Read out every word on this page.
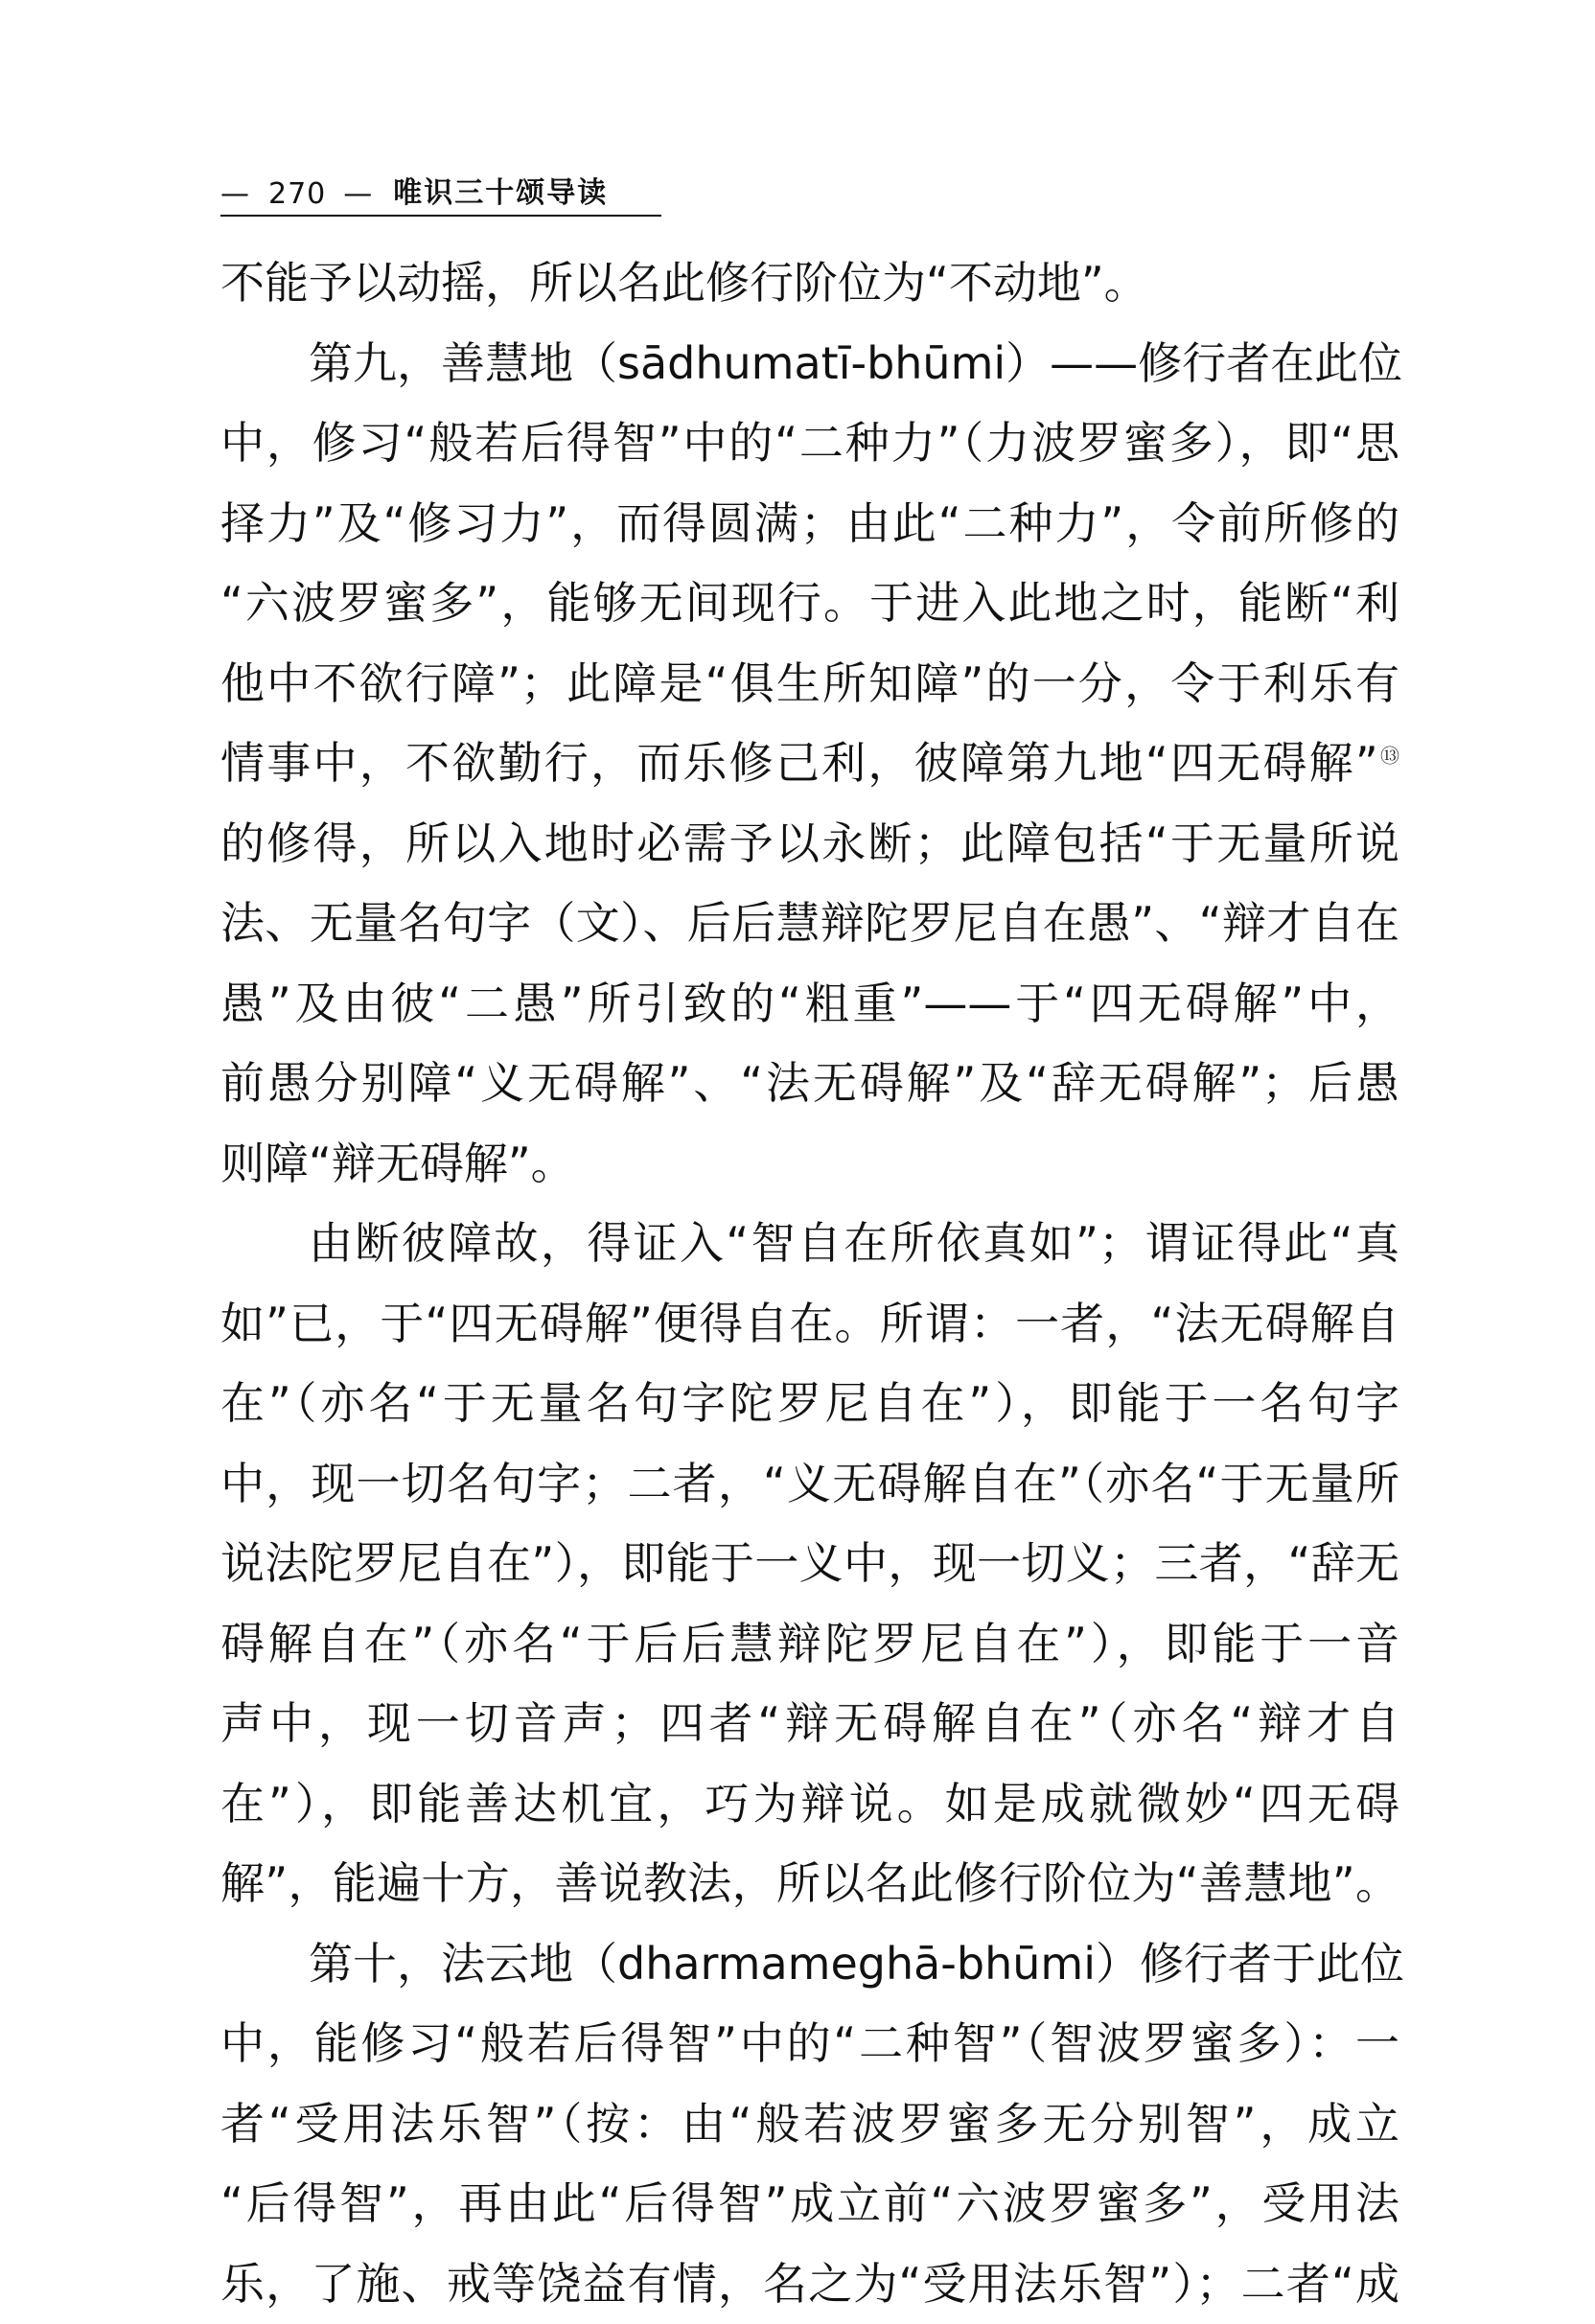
— 270 — 唯识三十颂导读
不能予以动摇，所以名此修行阶位为“不动地”。
第九，善慧地（sādhumatī-bhūmi）——修行者在此位
中，修习“般若后得智”中的“二种力”（力波罗蜜多），即“思
择力”及“修习力”，而得圆满；由此“二种力”，令前所修的
“六波罗蜜多”，能够无间现行。于进入此地之时，能断“利
他中不欲行障”；此障是“俱生所知障”的一分，令于利乐有
情事中，不欲勤行，而乐修己利，彼障第九地“四无碍解”⑬
的修得，所以入地时必需予以永断；此障包括“于无量所说
法、无量名句字（文）、后后慧辩陀罗尼自在愚”、“辩才自在
愚”及由彼“二愚”所引致的“粗重”——于“四无碍解”中，
前愚分别障“义无碍解”、“法无碍解”及“辞无碍解”；后愚
则障“辩无碍解”。
由断彼障故，得证入“智自在所依真如”；谓证得此“真
如”已，于“四无碍解”便得自在。所谓：一者，“法无碍解自
在”（亦名“于无量名句字陀罗尼自在”），即能于一名句字
中，现一切名句字；二者，“义无碍解自在”（亦名“于无量所
说法陀罗尼自在”），即能于一义中，现一切义；三者，“辞无
碍解自在”（亦名“于后后慧辩陀罗尼自在”），即能于一音
声中，现一切音声；四者“辩无碍解自在”（亦名“辩才自
在”），即能善达机宜，巧为辩说。如是成就微妙“四无碍
解”，能遍十方，善说教法，所以名此修行阶位为“善慧地”。
第十，法云地（dharmameghā-bhūmi）修行者于此位
中，能修习“般若后得智”中的“二种智”（智波罗蜜多）：一
者“受用法乐智”（按：由“般若波罗蜜多无分别智”，成立
“后得智”，再由此“后得智”成立前“六波罗蜜多”，受用法
乐，了施、戒等饶益有情，名之为“受用法乐智”）；二者“成
